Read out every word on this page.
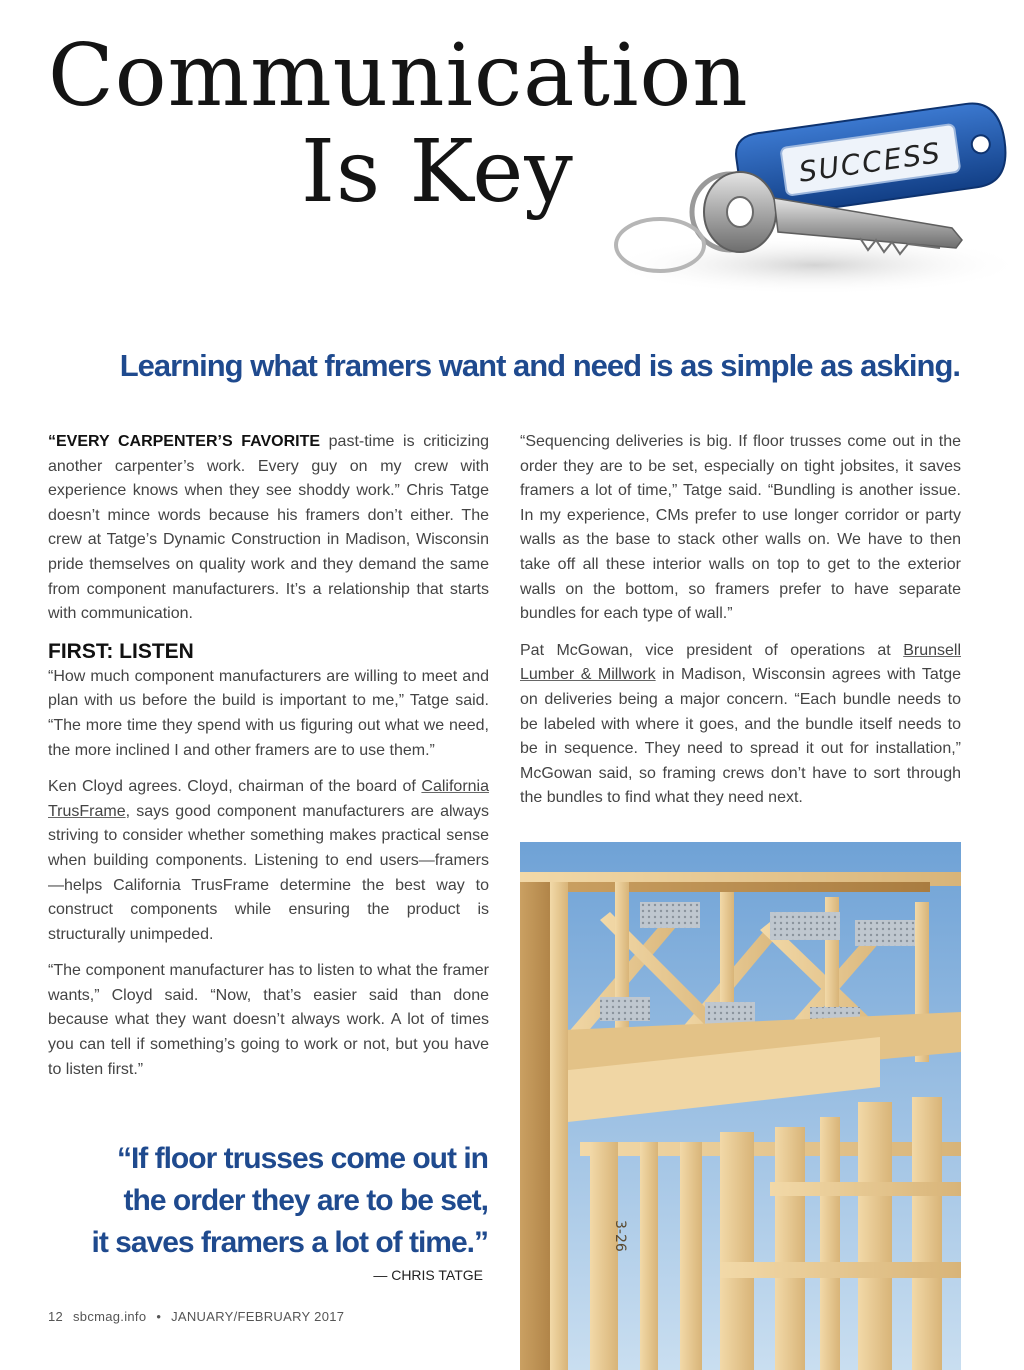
Communication
Is Key	SUCCESS
Learning what framers want and need is as simple as asking.

“EVERY CARPENTER’S FAVORITE past-time is criticizing another carpenter’s work. Every guy on my crew with experience knows when they see shoddy work.” Chris Tatge doesn’t mince words because his framers don’t either. The crew at Tatge’s Dynamic Construction in Madison, Wisconsin pride themselves on quality work and they demand the same from component manufacturers. It’s a relationship that starts with communication.

FIRST: LISTEN

“How much component manufacturers are willing to meet and plan with us before the build is important to me,” Tatge said. “The more time they spend with us figuring out what we need, the more inclined I and other framers are to use them.”

Ken Cloyd agrees. Cloyd, chairman of the board of California TrusFrame, says good component manufacturers are always striving to consider whether something makes practical sense when building components. Listening to end users—framers—helps California TrusFrame determine the best way to construct components while ensuring the product is structurally unimpeded.

“The component manufacturer has to listen to what the framer wants,” Cloyd said. “Now, that’s easier said than done because what they want doesn’t always work. A lot of times you can tell if something’s going to work or not, but you have to listen first.”

“Sequencing deliveries is big. If floor trusses come out in the order they are to be set, especially on tight jobsites, it saves framers a lot of time,” Tatge said. “Bundling is another issue. In my experience, CMs prefer to use longer corridor or party walls as the base to stack other walls on. We have to then take off all these interior walls on top to get to the exterior walls on the bottom, so framers prefer to have separate bundles for each type of wall.”

Pat McGowan, vice president of operations at Brunsell Lumber & Millwork in Madison, Wisconsin agrees with Tatge on deliveries being a major concern. “Each bundle needs to be labeled with where it goes, and the bundle itself needs to be in sequence. They need to spread it out for installation,” McGowan said, so framing crews don’t have to sort through the bundles to find what they need next.

“If floor trusses come out in
the order they are to be set,
it saves framers a lot of time.”
— CHRIS TATGE
12 sbcmag.info • JANUARY/FEBRUARY 2017
3-26
